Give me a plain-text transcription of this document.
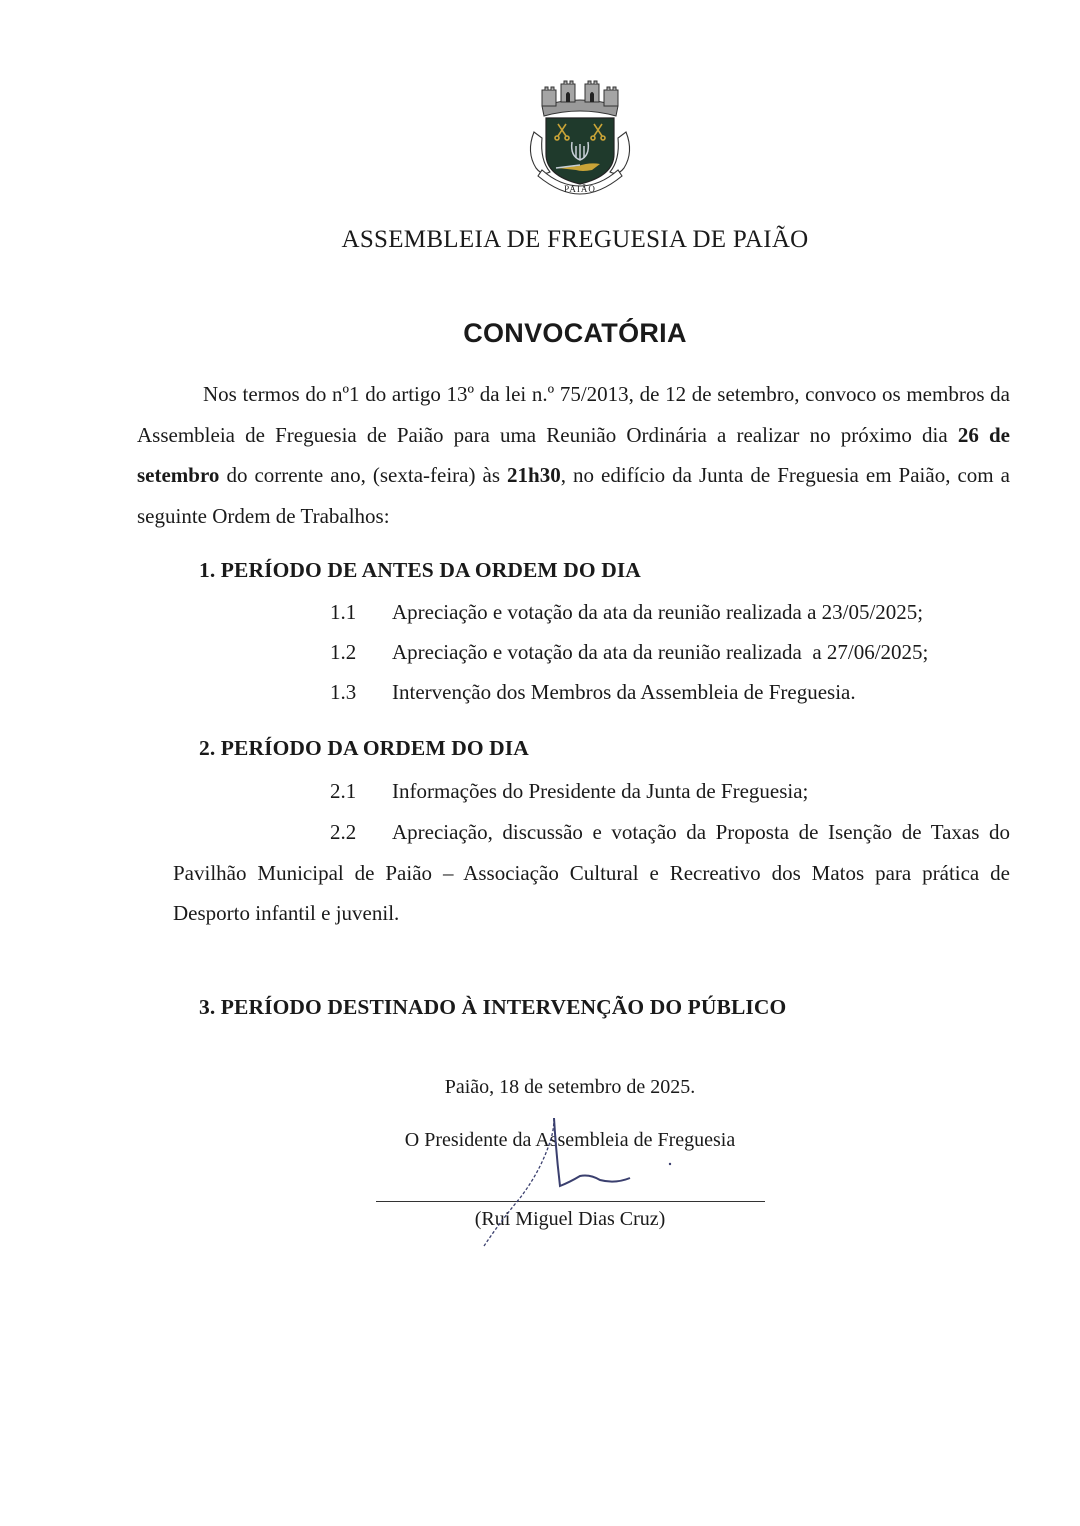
PAIÃO
ASSEMBLEIA DE FREGUESIA DE PAIÃO
CONVOCATÓRIA
Nos termos do nº1 do artigo 13º da lei n.º 75/2013, de 12 de setembro, convoco os membros da Assembleia de Freguesia de Paião para uma Reunião Ordinária a realizar no próximo dia 26 de setembro do corrente ano, (sexta-feira) às 21h30, no edifício da Junta de Freguesia em Paião, com a seguinte Ordem de Trabalhos:
1. PERÍODO DE ANTES DA ORDEM DO DIA
1.1 Apreciação e votação da ata da reunião realizada a 23/05/2025;
1.2 Apreciação e votação da ata da reunião realizada  a 27/06/2025;
1.3 Intervenção dos Membros da Assembleia de Freguesia.
2. PERÍODO DA ORDEM DO DIA
2.1 Informações do Presidente da Junta de Freguesia;
2.2 Apreciação, discussão e votação da Proposta de Isenção de Taxas do Pavilhão Municipal de Paião – Associação Cultural e Recreativo dos Matos para prática de Desporto infantil e juvenil.
3. PERÍODO DESTINADO À INTERVENÇÃO DO PÚBLICO
Paião, 18 de setembro de 2025.
O Presidente da Assembleia de Freguesia
(Rui Miguel Dias Cruz)
